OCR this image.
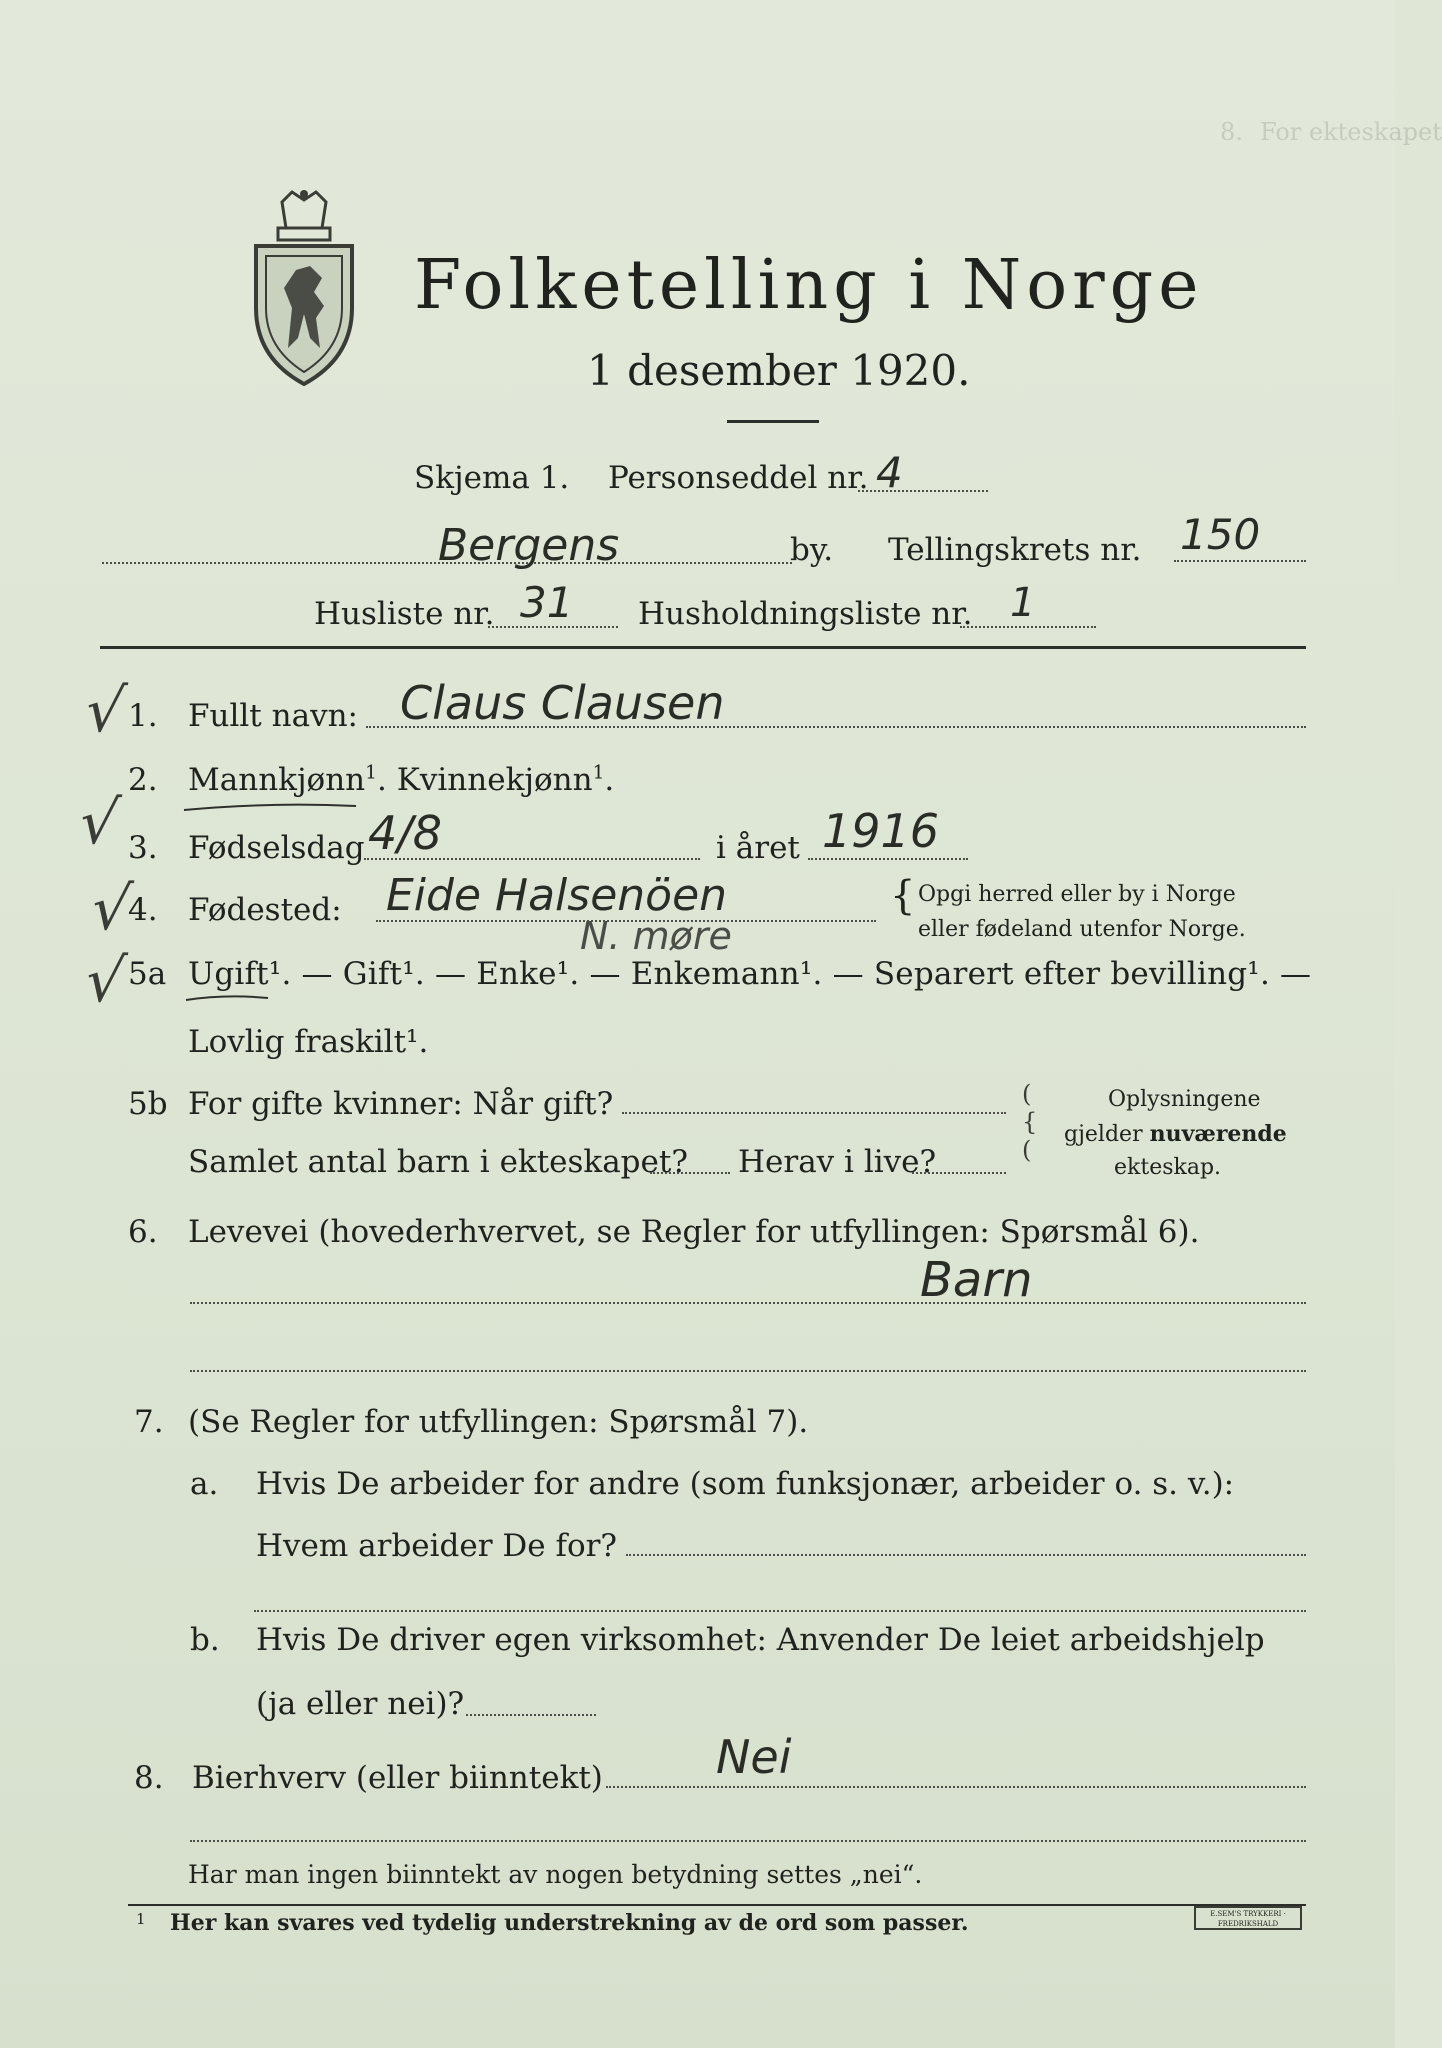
8. For ekteskapet
Folketelling i Norge
1 desember 1920.
Skjema 1. Personseddel nr. 4
Bergens	by. Tellingskrets nr. 150
Husliste nr. 31 Husholdningsliste nr. 1
√
√
√
√
1. Fullt navn: Claus Clausen
2. Mannkjønn$^1$. Kvinnekjønn$^1$.
3. Fødselsdag 4/8	i året 1916
4. Fødested: Eide Halsenöen
N. møre
{ Opgi herred eller by i Norge
eller fødeland utenfor Norge.
5a Ugift¹. — Gift¹. — Enke¹. — Enkemann¹. — Separert efter bevilling¹. —
Lovlig fraskilt¹.
5b For gifte kvinner: Når gift?
Samlet antal barn i ekteskapet? Herav i live?
(
{
(
Oplysningene
gjelder nuværende
ekteskap.
6. Levevei (hovederhvervet, se Regler for utfyllingen: Spørsmål 6).
Barn
7. (Se Regler for utfyllingen: Spørsmål 7).
a. Hvis De arbeider for andre (som funksjonær, arbeider o. s. v.):
Hvem arbeider De for?
b. Hvis De driver egen virksomhet: Anvender De leiet arbeidshjelp
(ja eller nei)?
8. Bierhverv (eller biinntekt) Nei
Har man ingen biinntekt av nogen betydning settes „nei“.
1 Her kan svares ved tydelig understrekning av de ord som passer.	E.SEM'S TRYKKERI · FREDRIKSHALD
